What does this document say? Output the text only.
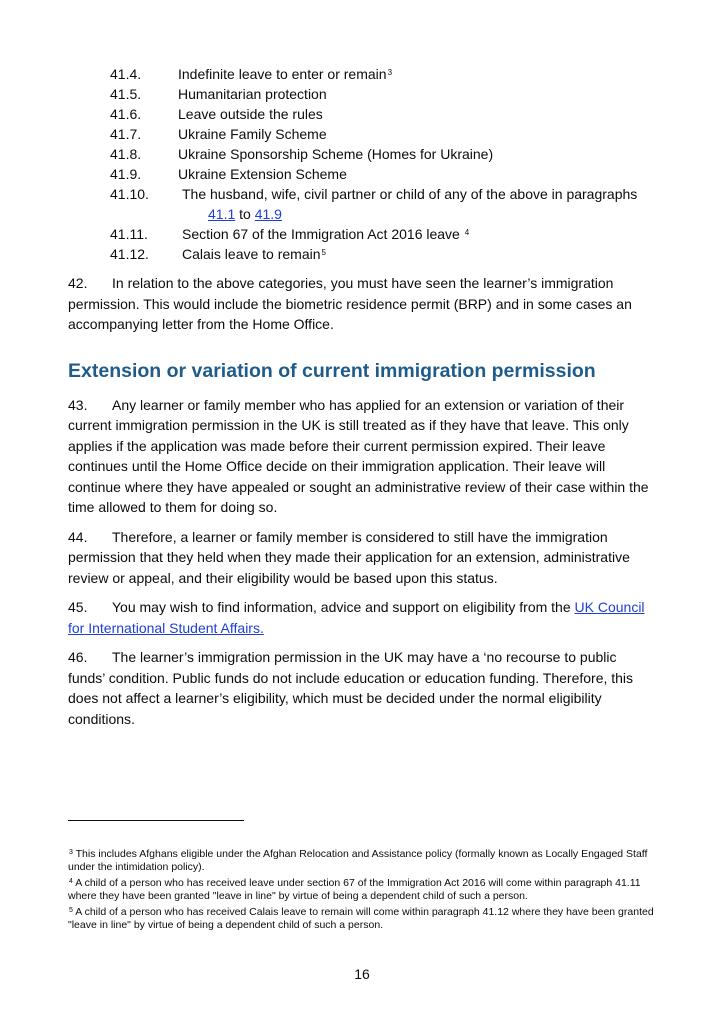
41.4.	Indefinite leave to enter or remain$^3$
41.5.	Humanitarian protection
41.6.	Leave outside the rules
41.7.	Ukraine Family Scheme
41.8.	Ukraine Sponsorship Scheme (Homes for Ukraine)
41.9.	Ukraine Extension Scheme
41.10. The husband, wife, civil partner or child of any of the above in paragraphs
41.1 to 41.9
41.11. Section 67 of the Immigration Act 2016 leave $^4$
41.12. Calais leave to remain$^5$

42. In relation to the above categories, you must have seen the learner’s immigration permission. This would include the biometric residence permit (BRP) and in some cases an accompanying letter from the Home Office.

Extension or variation of current immigration permission

43. Any learner or family member who has applied for an extension or variation of their current immigration permission in the UK is still treated as if they have that leave. This only applies if the application was made before their current permission expired. Their leave continues until the Home Office decide on their immigration application. Their leave will continue where they have appealed or sought an administrative review of their case within the time allowed to them for doing so.

44. Therefore, a learner or family member is considered to still have the immigration permission that they held when they made their application for an extension, administrative review or appeal, and their eligibility would be based upon this status.

45. You may wish to find information, advice and support on eligibility from the UK Council for International Student Affairs.

46. The learner’s immigration permission in the UK may have a ‘no recourse to public funds’ condition. Public funds do not include education or education funding. Therefore, this does not affect a learner’s eligibility, which must be decided under the normal eligibility conditions.

$^3$ This includes Afghans eligible under the Afghan Relocation and Assistance policy (formally known as Locally Engaged Staff under the intimidation policy).

$^4$ A child of a person who has received leave under section 67 of the Immigration Act 2016 will come within paragraph 41.11 where they have been granted "leave in line" by virtue of being a dependent child of such a person.

$^5$ A child of a person who has received Calais leave to remain will come within paragraph 41.12 where they have been granted "leave in line" by virtue of being a dependent child of such a person.

16
